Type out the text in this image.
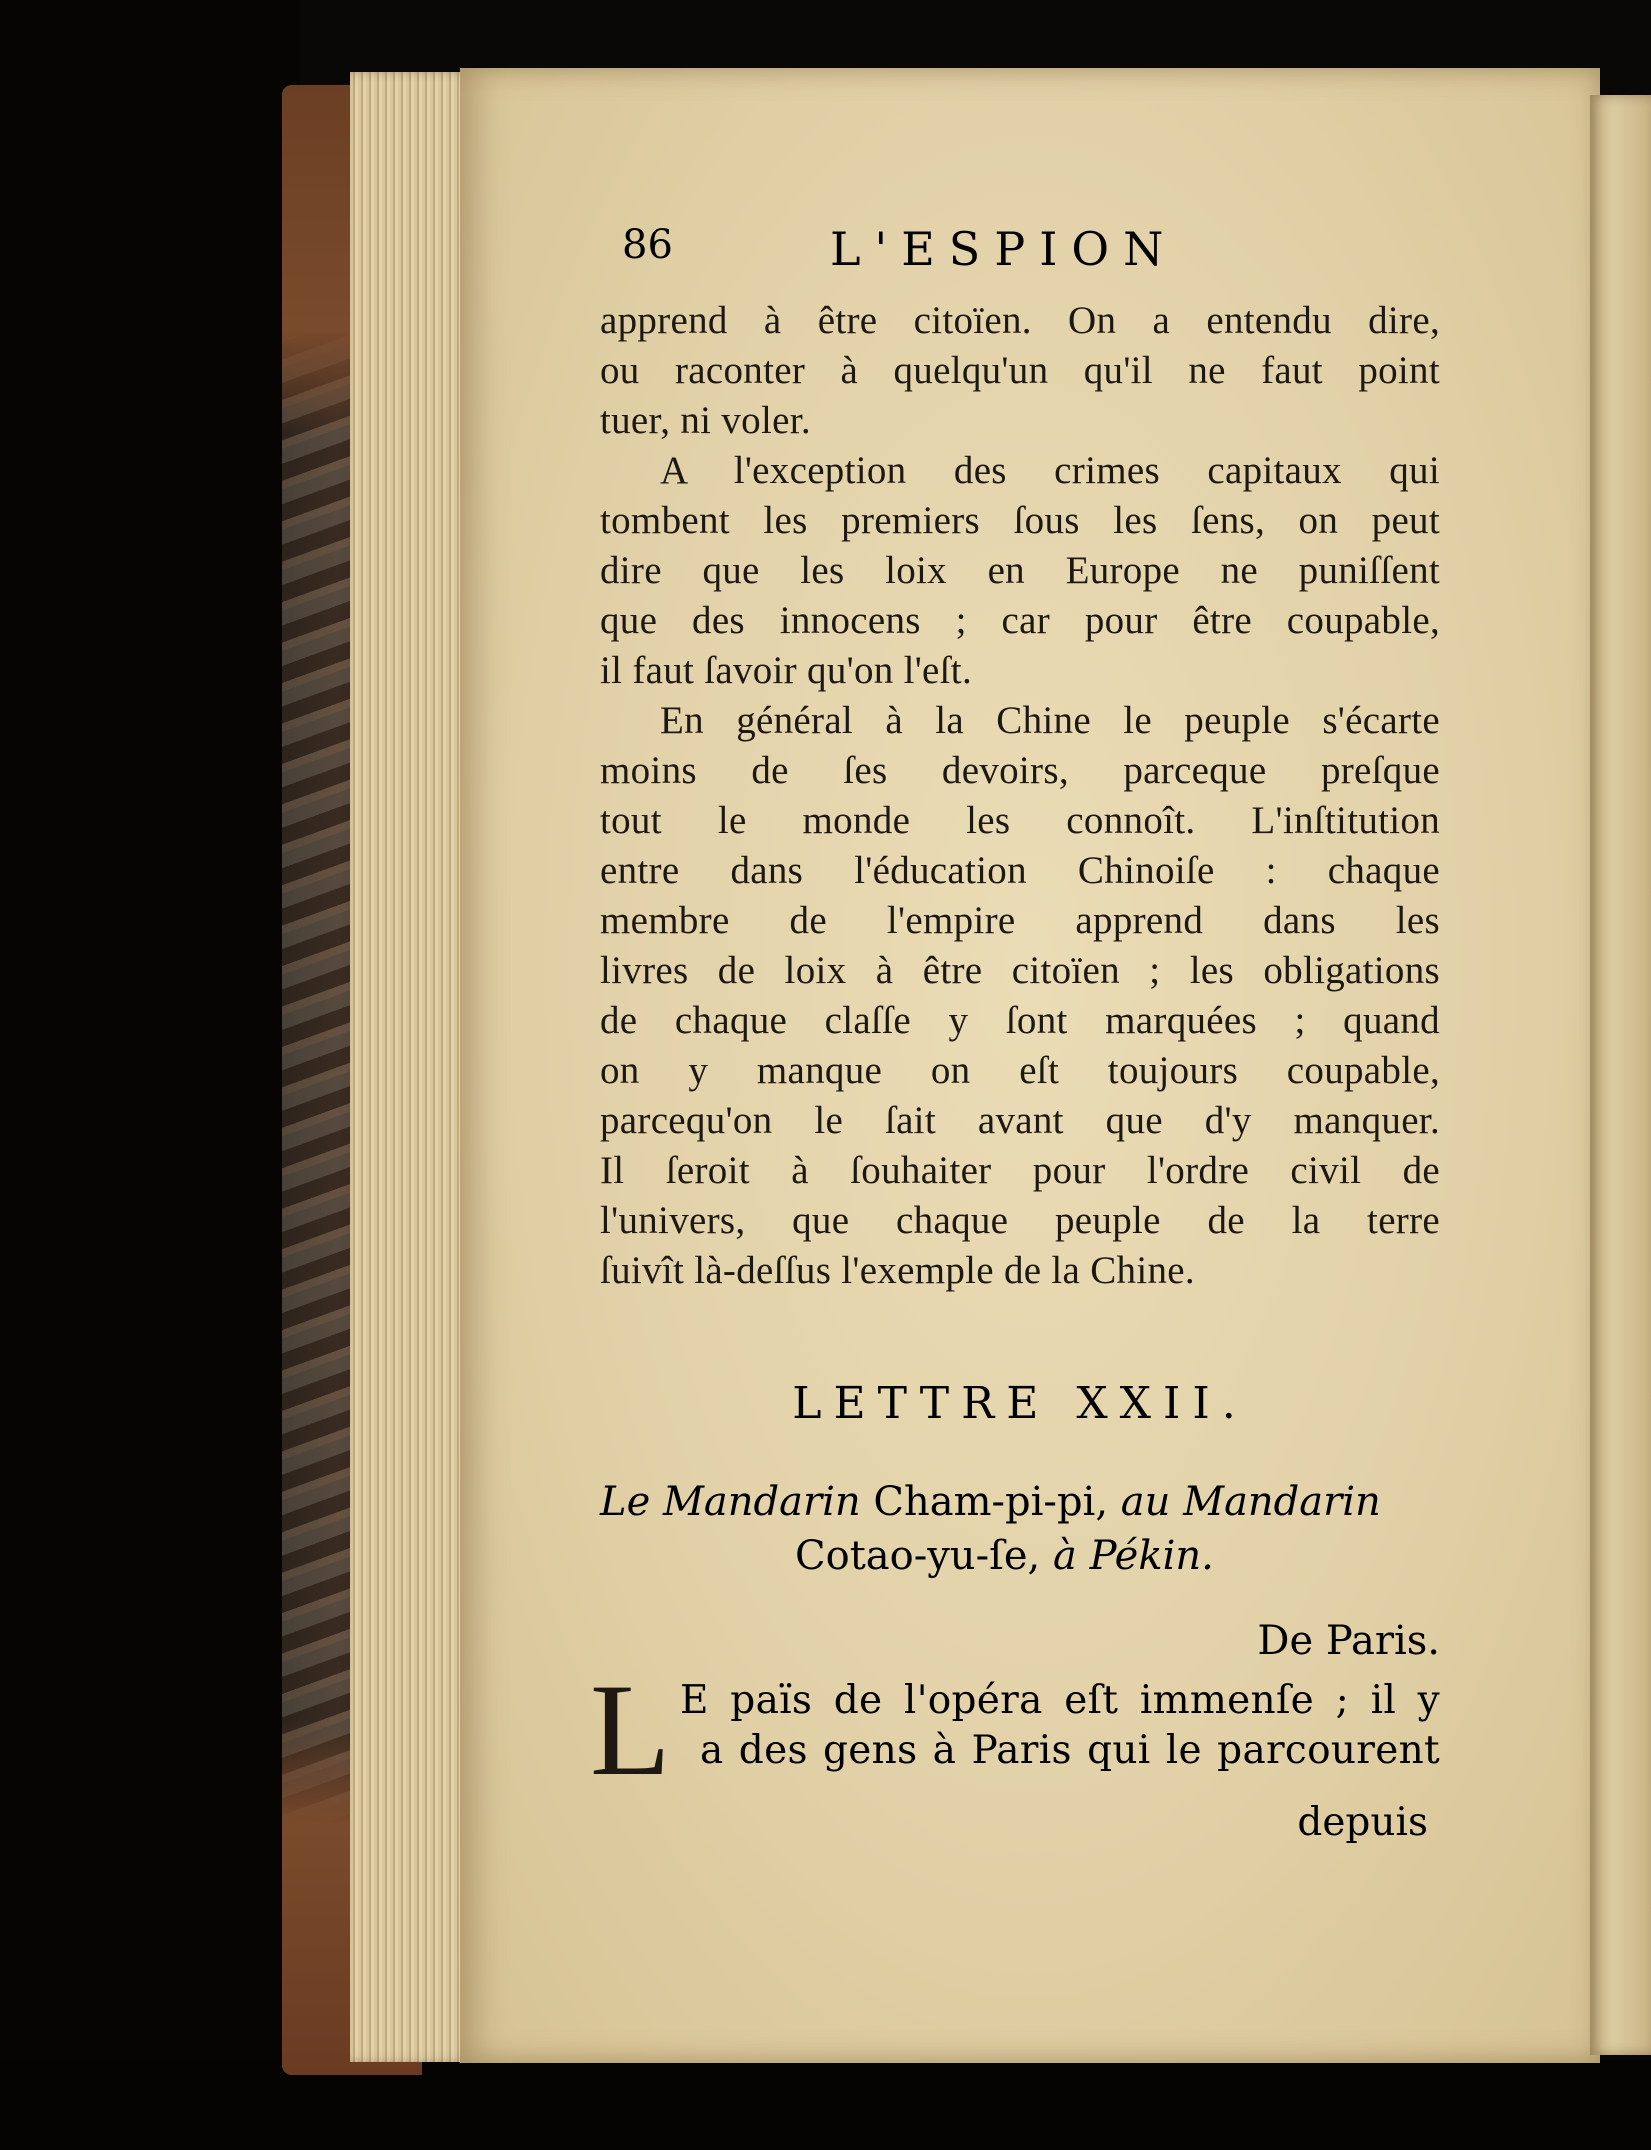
86	L'ESPION
apprend à être citoïen. On a entendu dire,
ou raconter à quelqu'un qu'il ne faut point
tuer, ni voler.
A l'exception des crimes capitaux qui
tombent les premiers ſous les ſens, on peut
dire que les loix en Europe ne puniſſent
que des innocens ; car pour être coupable,
il faut ſavoir qu'on l'eſt.
En général à la Chine le peuple s'écarte
moins de ſes devoirs, parceque preſque
tout le monde les connoît. L'inſtitution
entre dans l'éducation Chinoiſe : chaque
membre de l'empire apprend dans les
livres de loix à être citoïen ; les obligations
de chaque claſſe y ſont marquées ; quand
on y manque on eſt toujours coupable,
parcequ'on le ſait avant que d'y manquer.
Il ſeroit à ſouhaiter pour l'ordre civil de
l'univers, que chaque peuple de la terre
ſuivît là-deſſus l'exemple de la Chine.
LETTRE XXII.
Le Mandarin Cham-pi-pi, au Mandarin
Cotao-yu-ſe, à Pékin.
De Paris.
L E païs de l'opéra eſt immenſe ; il y
a des gens à Paris qui le parcourent
depuis
